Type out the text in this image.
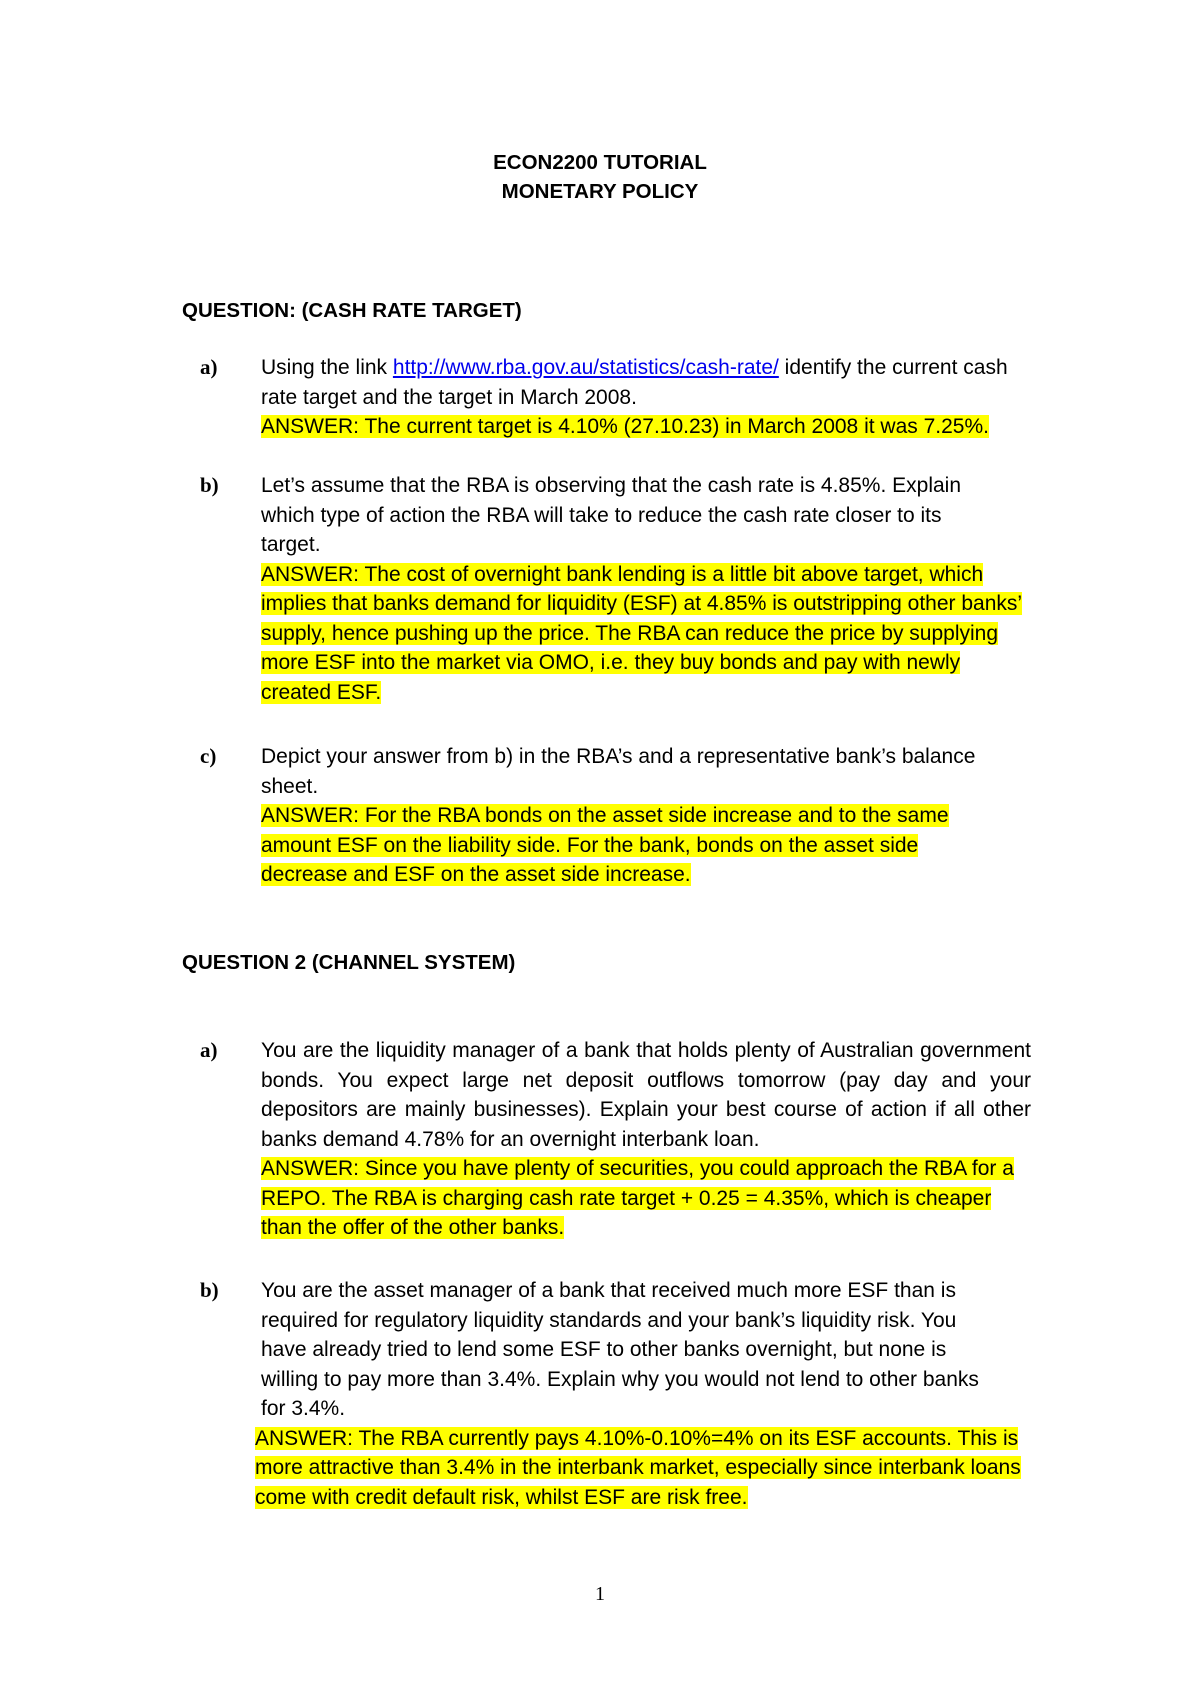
ECON2200 TUTORIAL
MONETARY POLICY
QUESTION: (CASH RATE TARGET)
a)	Using the link http://www.rba.gov.au/statistics/cash-rate/ identify the current cash rate target and the target in March 2008.
ANSWER: The current target is 4.10% (27.10.23) in March 2008 it was 7.25%.
b)	Let’s assume that the RBA is observing that the cash rate is 4.85%. Explain which type of action the RBA will take to reduce the cash rate closer to its target.
ANSWER: The cost of overnight bank lending is a little bit above target, which implies that banks demand for liquidity (ESF) at 4.85% is outstripping other banks’ supply, hence pushing up the price. The RBA can reduce the price by supplying more ESF into the market via OMO, i.e. they buy bonds and pay with newly created ESF.
c)	Depict your answer from b) in the RBA’s and a representative bank’s balance sheet.
ANSWER: For the RBA bonds on the asset side increase and to the same amount ESF on the liability side. For the bank, bonds on the asset side decrease and ESF on the asset side increase.
QUESTION 2 (CHANNEL SYSTEM)
a)	You are the liquidity manager of a bank that holds plenty of Australian government bonds. You expect large net deposit outflows tomorrow (pay day and your depositors are mainly businesses). Explain your best course of action if all other banks demand 4.78% for an overnight interbank loan.
ANSWER: Since you have plenty of securities, you could approach the RBA for a REPO. The RBA is charging cash rate target + 0.25 = 4.35%, which is cheaper than the offer of the other banks.
b)	You are the asset manager of a bank that received much more ESF than is required for regulatory liquidity standards and your bank’s liquidity risk. You have already tried to lend some ESF to other banks overnight, but none is willing to pay more than 3.4%. Explain why you would not lend to other banks for 3.4%.
ANSWER: The RBA currently pays 4.10%-0.10%=4% on its ESF accounts. This is more attractive than 3.4% in the interbank market, especially since interbank loans come with credit default risk, whilst ESF are risk free.
1
